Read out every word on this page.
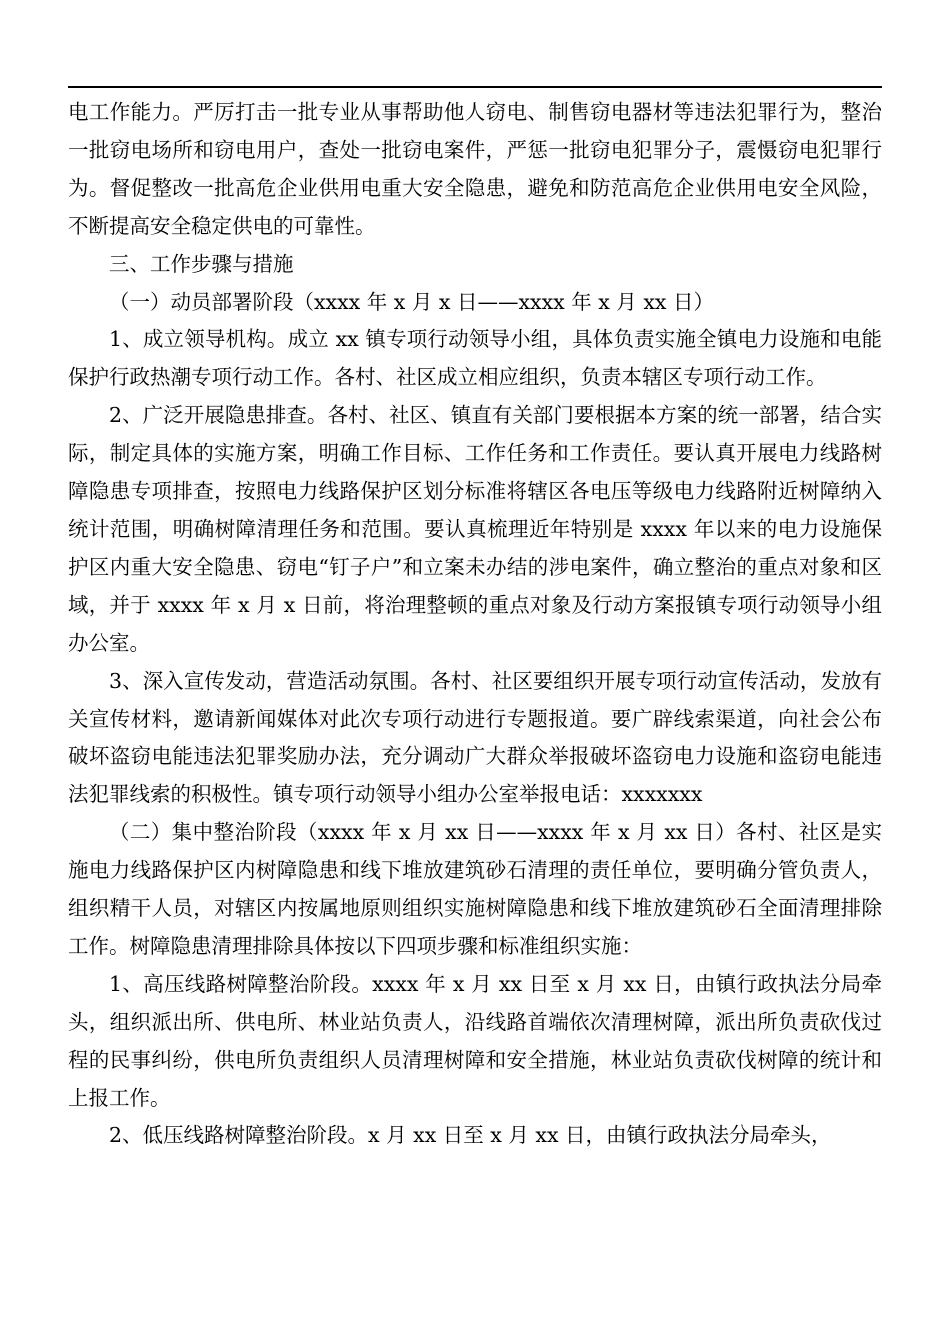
电工作能力。严厉打击一批专业从事帮助他人窃电、制售窃电器材等违法犯罪行为，整治一批窃电场所和窃电用户，查处一批窃电案件，严惩一批窃电犯罪分子，震慑窃电犯罪行为。督促整改一批高危企业供用电重大安全隐患，避免和防范高危企业供用电安全风险，不断提高安全稳定供电的可靠性。

三、工作步骤与措施

（一）动员部署阶段（xxxx 年 x 月 x 日——xxxx 年 x 月 xx 日）

1、成立领导机构。成立 xx 镇专项行动领导小组，具体负责实施全镇电力设施和电能保护行政热潮专项行动工作。各村、社区成立相应组织，负责本辖区专项行动工作。

2、广泛开展隐患排查。各村、社区、镇直有关部门要根据本方案的统一部署，结合实际，制定具体的实施方案，明确工作目标、工作任务和工作责任。要认真开展电力线路树障隐患专项排查，按照电力线路保护区划分标准将辖区各电压等级电力线路附近树障纳入统计范围，明确树障清理任务和范围。要认真梳理近年特别是 xxxx 年以来的电力设施保护区内重大安全隐患、窃电“钉子户”和立案未办结的涉电案件，确立整治的重点对象和区域，并于 xxxx 年 x 月 x 日前，将治理整顿的重点对象及行动方案报镇专项行动领导小组办公室。

3、深入宣传发动，营造活动氛围。各村、社区要组织开展专项行动宣传活动，发放有关宣传材料，邀请新闻媒体对此次专项行动进行专题报道。要广辟线索渠道，向社会公布破坏盗窃电能违法犯罪奖励办法，充分调动广大群众举报破坏盗窃电力设施和盗窃电能违法犯罪线索的积极性。镇专项行动领导小组办公室举报电话：xxxxxxx

（二）集中整治阶段（xxxx 年 x 月 xx 日——xxxx 年 x 月 xx 日）各村、社区是实施电力线路保护区内树障隐患和线下堆放建筑砂石清理的责任单位，要明确分管负责人，组织精干人员，对辖区内按属地原则组织实施树障隐患和线下堆放建筑砂石全面清理排除工作。树障隐患清理排除具体按以下四项步骤和标准组织实施：

1、高压线路树障整治阶段。xxxx 年 x 月 xx 日至 x 月 xx 日，由镇行政执法分局牵头，组织派出所、供电所、林业站负责人，沿线路首端依次清理树障，派出所负责砍伐过程的民事纠纷，供电所负责组织人员清理树障和安全措施，林业站负责砍伐树障的统计和上报工作。

2、低压线路树障整治阶段。x 月 xx 日至 x 月 xx 日，由镇行政执法分局牵头，
